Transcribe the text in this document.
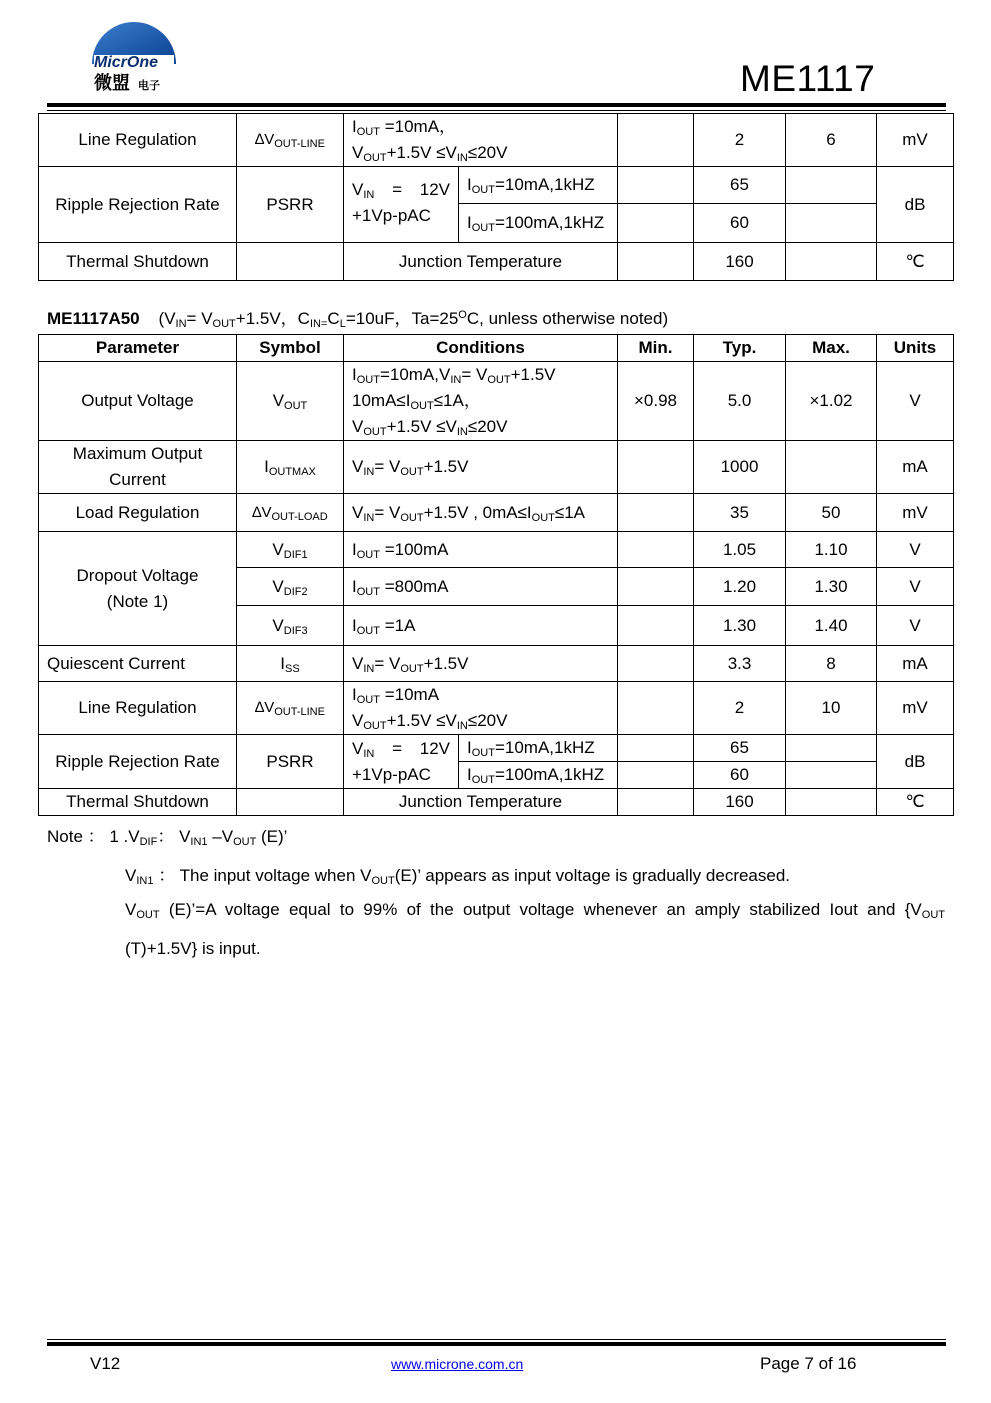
MicrOne
微盟 电子	ME1117
Line Regulation	$\Delta V_{OUT-LINE}$	$I_{OUT} =10mA$，
$V_{OUT}+1.5V \le V_{IN}\le 20V$			2	6	mV
Ripple Rejection Rate	PSRR	$V_{IN} = 12V$
+1Vp-pAC	$I_{OUT}=10mA,1kHZ$		65		dB
			$I_{OUT}=100mA,1kHZ$		60		
Thermal Shutdown		Junction Temperature			160		℃
ME1117A50 ($V_{IN}= V_{OUT}+1.5V$，$C_{IN=}C_L=10uF$，$Ta=25^OC$, unless otherwise noted)
Parameter	Symbol	Conditions		Min.	Typ.	Max.	Units
Output Voltage	$V_{OUT}$	$I_{OUT}=10mA,V_{IN}= V_{OUT}+1.5V$
$10mA\le I_{OUT}\le 1A$，
$V_{OUT}+1.5V \le V_{IN}\le 20V$		×0.98	5.0	×1.02	V

Maximum Output
Current	$I_{OUTMAX}$	$V_{IN}= V_{OUT}+1.5V$			1000		mA
Load Regulation	$\Delta V_{OUT-LOAD}$	$V_{IN}= V_{OUT}+1.5V$ , $0mA\le I_{OUT}\le 1A$			35	50	mV

Dropout Voltage
(Note 1)	$V_{DIF1}$	$I_{OUT} =100mA$			1.05	1.10	V
	$V_{DIF2}$	$I_{OUT} =800mA$			1.20	1.30	V
	$V_{DIF3}$	$I_{OUT} =1A$			1.30	1.40	V
Quiescent Current	$I_{SS}$	$V_{IN}= V_{OUT}+1.5V$			3.3	8	mA
Line Regulation	$\Delta V_{OUT-LINE}$	$I_{OUT} =10mA$
$V_{OUT}+1.5V \le V_{IN}\le 20V$			2	10	mV
Ripple Rejection Rate	PSRR	$V_{IN} = 12V$
+1Vp-pAC	$I_{OUT}=10mA,1kHZ$		65		dB
			$I_{OUT}=100mA,1kHZ$		60		
Thermal Shutdown		Junction Temperature			160		℃
Note ： 1 $.V_{DIF}$： $V_{IN1}$ $-V_{OUT}$ (E)’
$V_{IN1}$ ： The input voltage when $V_{OUT}(E)$’ appears as input voltage is gradually decreased.
$V_{OUT}$ (E)’=A voltage equal to 99% of the output voltage whenever an amply stabilized Iout and {$V_{OUT}$
(T)+1.5V} is input.
V12	www.microne.com.cn	Page 7 of 16
